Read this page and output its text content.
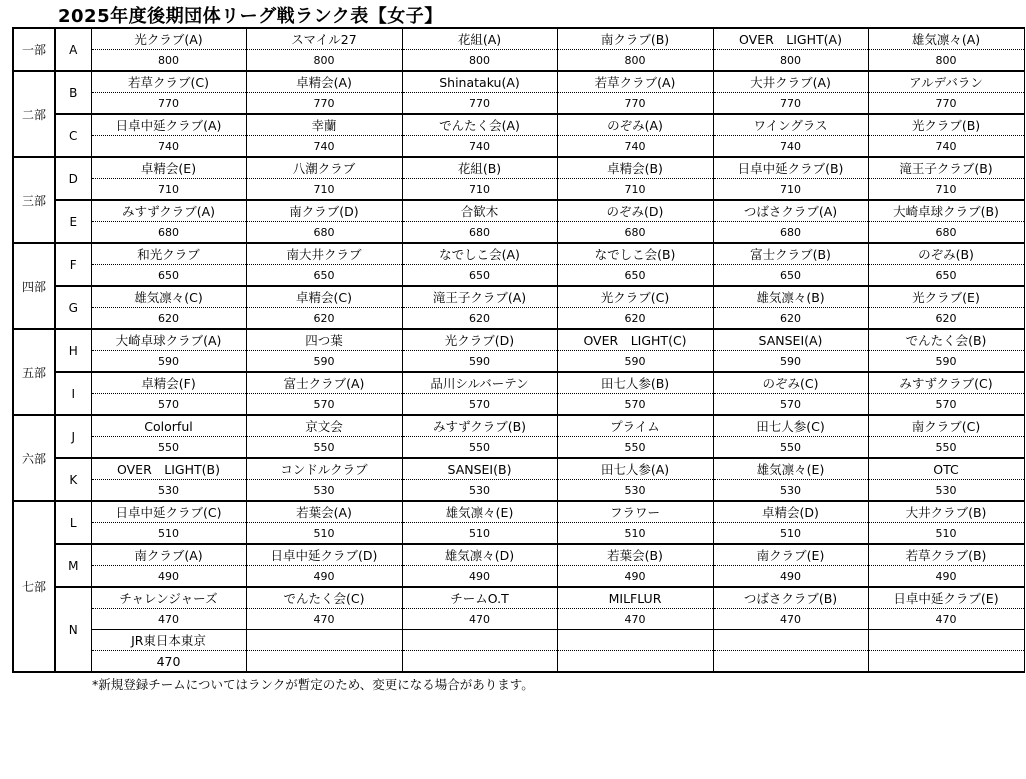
2025年度後期団体リーグ戦ランク表【女子】
一部	A	光クラブ(A)	スマイル27	花組(A)	南クラブ(B)	OVER　LIGHT(A)	雄気凛々(A)
		800	800	800	800	800	800
二部	B	若草クラブ(C)	卓精会(A)	Shinataku(A)	若草クラブ(A)	大井クラブ(A)	アルデバラン
		770	770	770	770	770	770
	C	日卓中延クラブ(A)	幸蘭	でんたく会(A)	のぞみ(A)	ワイングラス	光クラブ(B)
		740	740	740	740	740	740
三部	D	卓精会(E)	八潮クラブ	花組(B)	卓精会(B)	日卓中延クラブ(B)	滝王子クラブ(B)
		710	710	710	710	710	710
	E	みすずクラブ(A)	南クラブ(D)	合歓木	のぞみ(D)	つばさクラブ(A)	大崎卓球クラブ(B)
		680	680	680	680	680	680
四部	F	和光クラブ	南大井クラブ	なでしこ会(A)	なでしこ会(B)	富士クラブ(B)	のぞみ(B)
		650	650	650	650	650	650
	G	雄気凛々(C)	卓精会(C)	滝王子クラブ(A)	光クラブ(C)	雄気凛々(B)	光クラブ(E)
		620	620	620	620	620	620
五部	H	大崎卓球クラブ(A)	四つ葉	光クラブ(D)	OVER　LIGHT(C)	SANSEI(A)	でんたく会(B)
		590	590	590	590	590	590
	I	卓精会(F)	富士クラブ(A)	品川シルバーテン	田七人参(B)	のぞみ(C)	みすずクラブ(C)
		570	570	570	570	570	570
六部	J	Colorful	京文会	みすずクラブ(B)	プライム	田七人参(C)	南クラブ(C)
		550	550	550	550	550	550
	K	OVER　LIGHT(B)	コンドルクラブ	SANSEI(B)	田七人参(A)	雄気凛々(E)	OTC
		530	530	530	530	530	530
七部	L	日卓中延クラブ(C)	若葉会(A)	雄気凛々(E)	フラワー	卓精会(D)	大井クラブ(B)
		510	510	510	510	510	510
	M	南クラブ(A)	日卓中延クラブ(D)	雄気凛々(D)	若葉会(B)	南クラブ(E)	若草クラブ(B)
		490	490	490	490	490	490
	N	チャレンジャーズ	でんたく会(C)	チームO.T	MILFLUR	つばさクラブ(B)	日卓中延クラブ(E)
		470	470	470	470	470	470
		JR東日本東京					
		470					
*新規登録チームについてはランクが暫定のため、変更になる場合があります。
